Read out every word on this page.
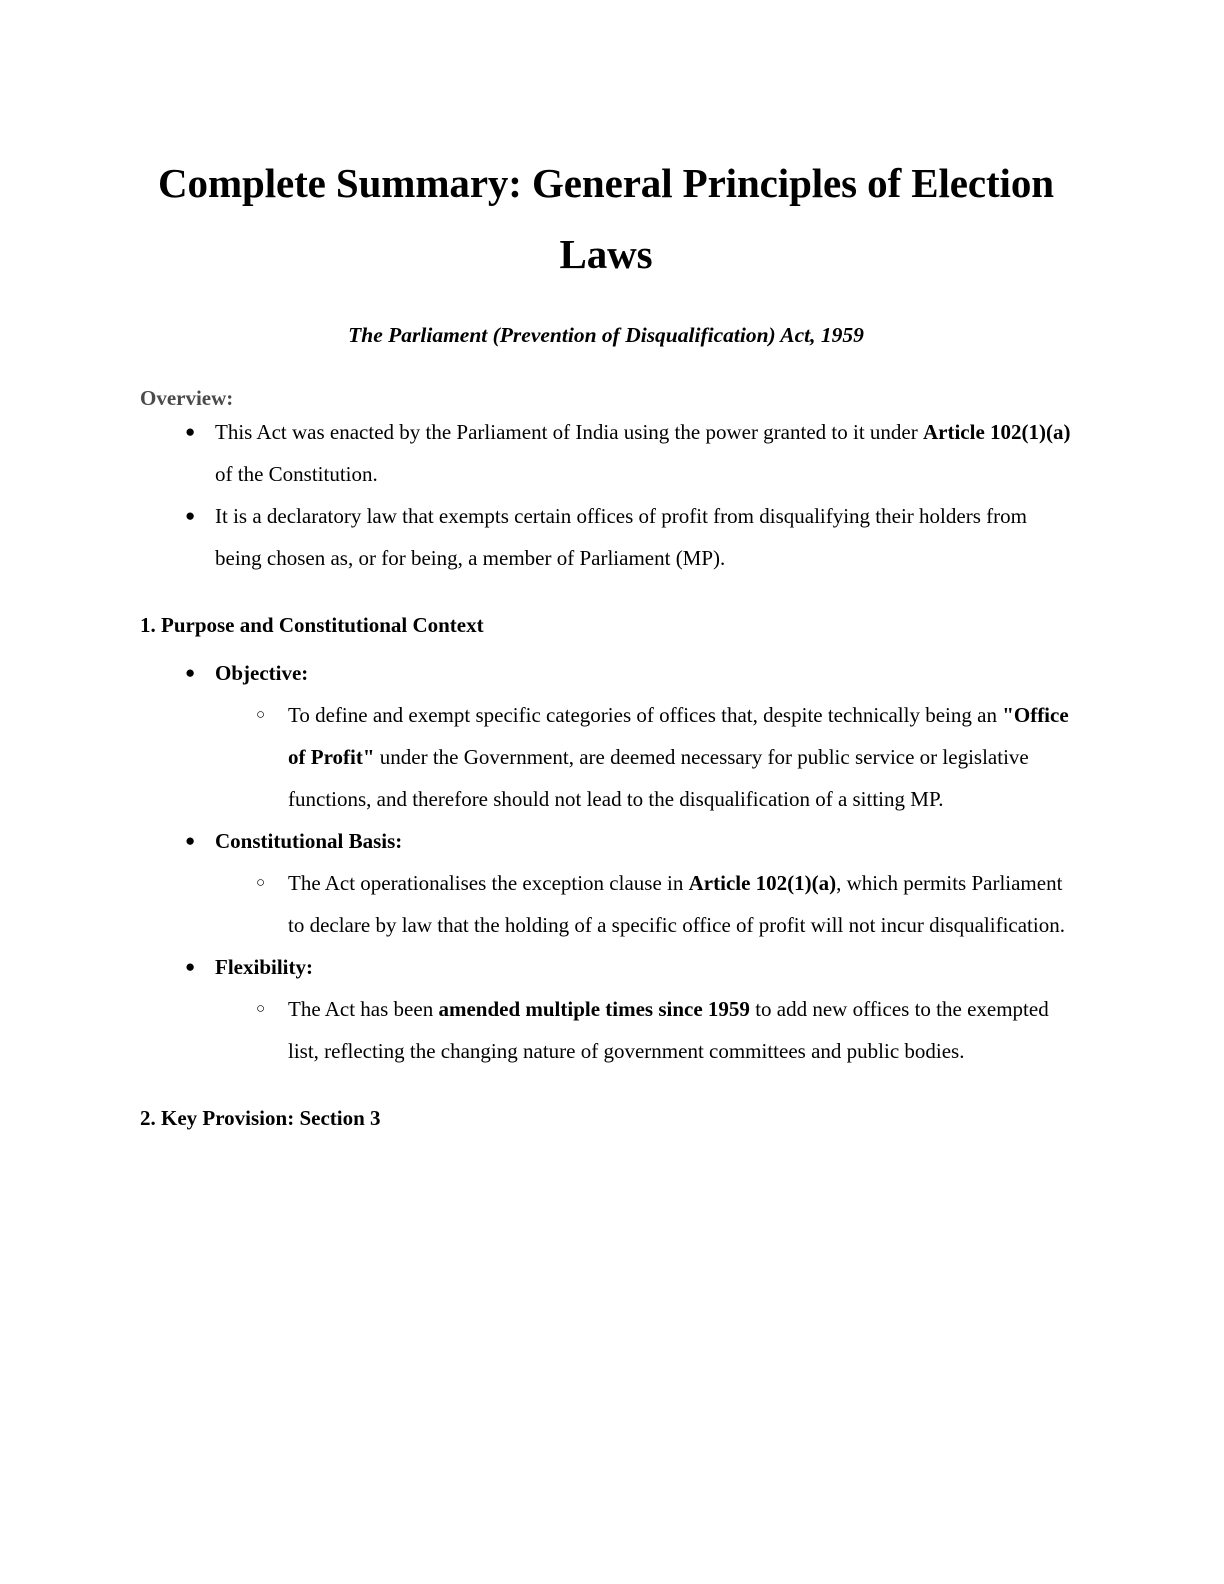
Complete Summary: General Principles of Election Laws

The Parliament (Prevention of Disqualification) Act, 1959

Overview:

● This Act was enacted by the Parliament of India using the power granted to it under Article 102(1)(a) of the Constitution.
● It is a declaratory law that exempts certain offices of profit from disqualifying their holders from being chosen as, or for being, a member of Parliament (MP).

1. Purpose and Constitutional Context

● Objective:
○ To define and exempt specific categories of offices that, despite technically being an "Office of Profit" under the Government, are deemed necessary for public service or legislative functions, and therefore should not lead to the disqualification of a sitting MP.
● Constitutional Basis:
○ The Act operationalises the exception clause in Article 102(1)(a), which permits Parliament to declare by law that the holding of a specific office of profit will not incur disqualification.
● Flexibility:
○ The Act has been amended multiple times since 1959 to add new offices to the exempted list, reflecting the changing nature of government committees and public bodies.

2. Key Provision: Section 3
